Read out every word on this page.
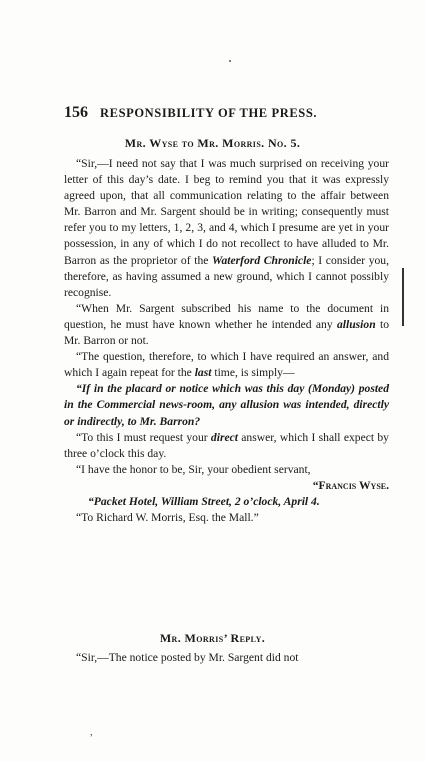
156 RESPONSIBILITY OF THE PRESS.
Mr. Wyse to Mr. Morris. No. 5.

“Sir,—I need not say that I was much surprised on receiving your letter of this day’s date. I beg to remind you that it was expressly agreed upon, that all communication relating to the affair between Mr. Barron and Mr. Sargent should be in writing; consequently must refer you to my letters, 1, 2, 3, and 4, which I presume are yet in your possession, in any of which I do not recollect to have alluded to Mr. Barron as the proprietor of the Waterford Chronicle; I consider you, therefore, as having assumed a new ground, which I cannot possibly recognise.

“When Mr. Sargent subscribed his name to the document in question, he must have known whether he intended any allusion to Mr. Barron or not.

“The question, therefore, to which I have required an answer, and which I again repeat for the last time, is simply—

“If in the placard or notice which was this day (Monday) posted in the Commercial news-room, any allusion was intended, directly or indirectly, to Mr. Barron?

“To this I must request your direct answer, which I shall expect by three o’clock this day.

“I have the honor to be, Sir, your obedient servant,

“Francis Wyse.

“Packet Hotel, William Street, 2 o’clock, April 4.

“To Richard W. Morris, Esq. the Mall.”

Mr. Morris’ Reply.

“Sir,—The notice posted by Mr. Sargent did not

,
